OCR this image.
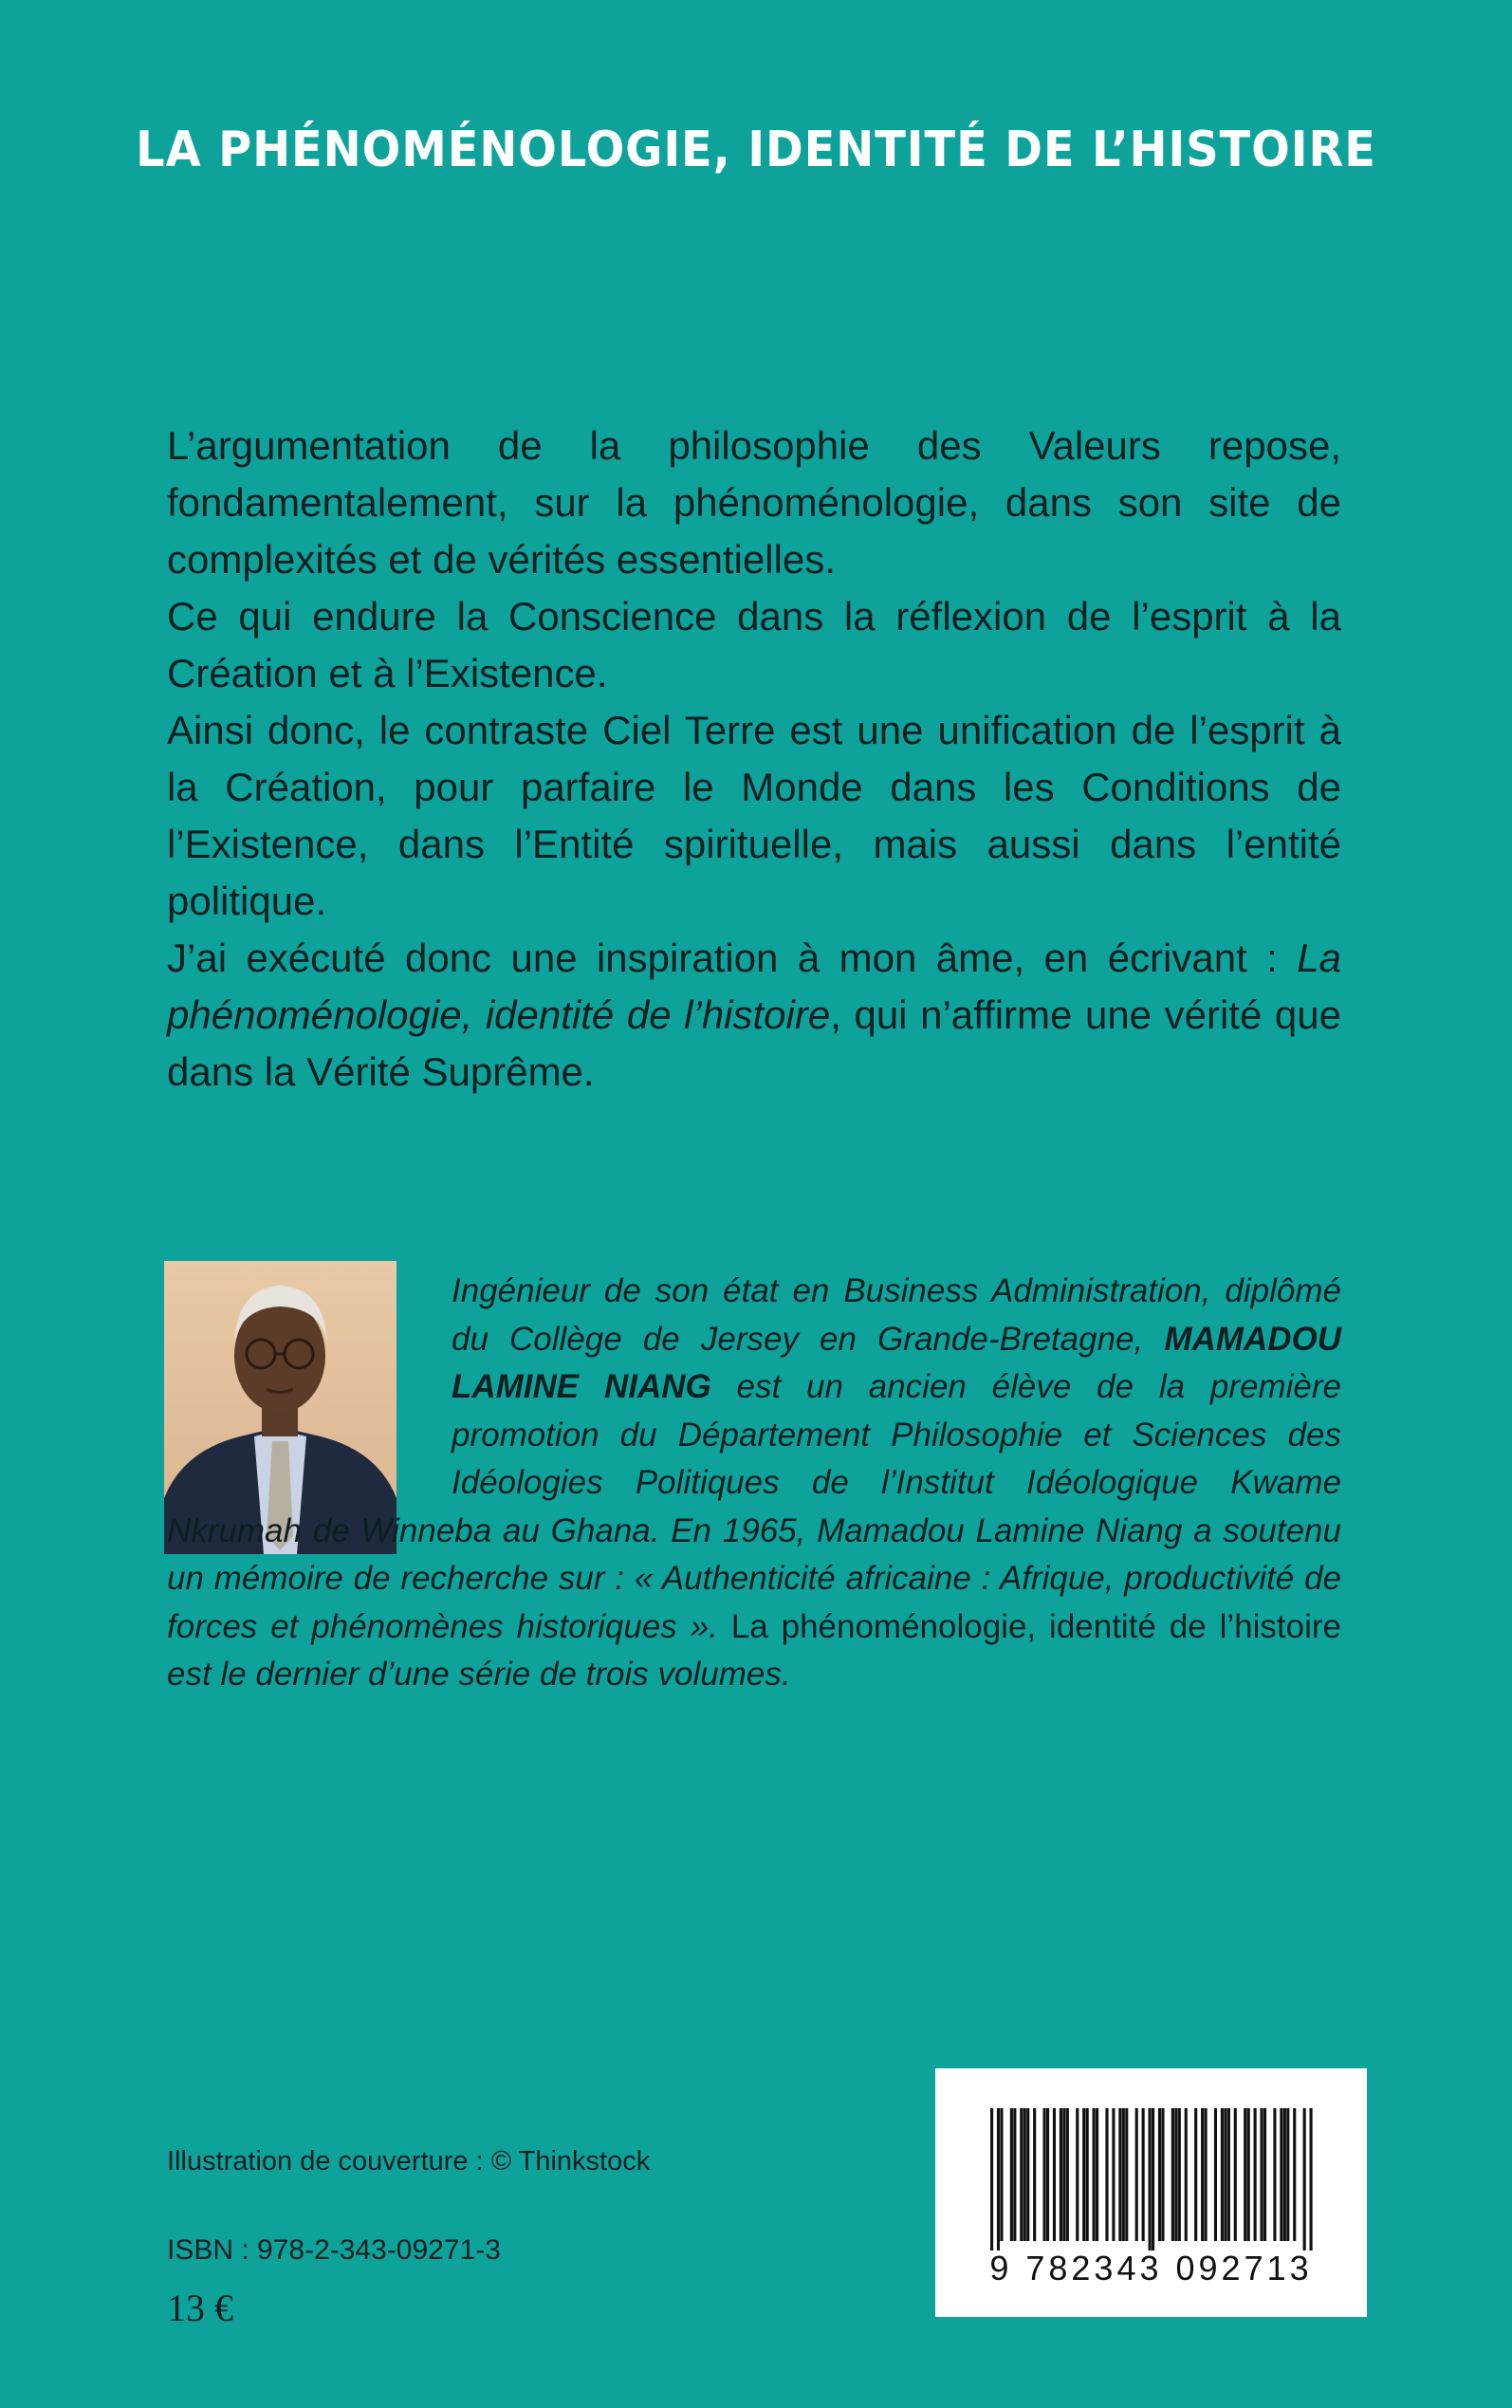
LA PHÉNOMÉNOLOGIE, IDENTITÉ DE L’HISTOIRE

L’argumentation de la philosophie des Valeurs repose, fondamentalement, sur la phénoménologie, dans son site de complexités et de vérités essentielles.

Ce qui endure la Conscience dans la réflexion de l’esprit à la Création et à l’Existence.

Ainsi donc, le contraste Ciel Terre est une unification de l’esprit à la Création, pour parfaire le Monde dans les Conditions de l’Existence, dans l’Entité spirituelle, mais aussi dans l’entité politique.

J’ai exécuté donc une inspiration à mon âme, en écrivant : La phénoménologie, identité de l’histoire, qui n’affirme une vérité que dans la Vérité Suprême.

Ingénieur de son état en Business Administration, diplômé du Collège de Jersey en Grande-Bretagne, MAMADOU LAMINE NIANG est un ancien élève de la première promotion du Département Philosophie et Sciences des Idéologies Politiques de l’Institut Idéologique Kwame Nkrumah de Winneba au Ghana. En 1965, Mamadou Lamine Niang a soutenu un mémoire de recherche sur : « Authenticité africaine : Afrique, productivité de forces et phénomènes historiques ». La phénoménologie, identité de l’histoire est le dernier d’une série de trois volumes.

Illustration de couverture : © Thinkstock
ISBN : 978-2-343-09271-3
13 €
9 782343 092713
